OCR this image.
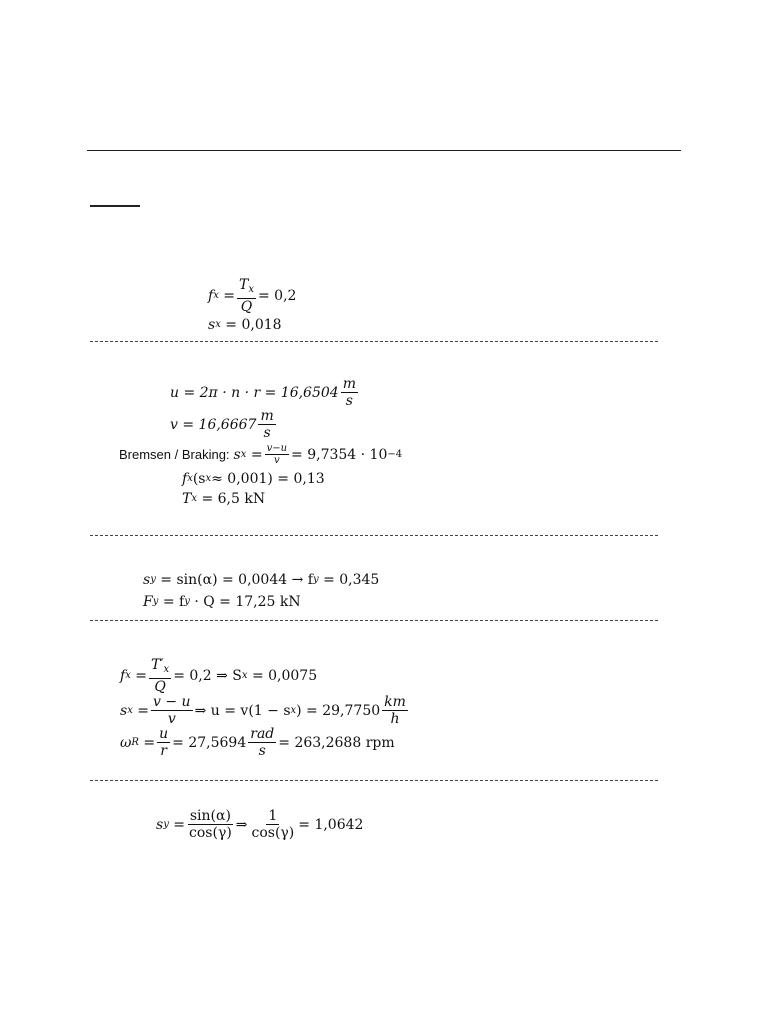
f $x = \frac{T_x}{Q} = 0,2$
s x
= 0,018
$u = 2\pi \cdot n \cdot r = 16,6504 \frac{m}{s}$
$v = 16,6667 \frac{m}{s}$
Bremsen / Braking: s $x = \frac{v-u}{v} = 9,7354 \cdot 10 -4$
f x (s x ≈ 0,001) = 0,13
T x
= 6,5 kN
s y
= sin(α) = 0,0044 → f y
= 0,345
F y
= f y
· Q = 17,25 kN
f $x = \frac{T'_x}{Q} = 0,2$ ⇒ S x
= 0,0075
s $x = \frac{v - u}{v}$ ⇒ u = v(1 − s x ) = $29,7750 \frac{km}{h}$
ω $R = \frac{u}{r} = 27,5694 \frac{\text{rad}}{s} = 263,2688$ rpm
s $y = \frac{\sin(\alpha)}{\cos(\gamma)}$ ⇒ $\frac{1}{\cos(\gamma)} = 1,0642$
